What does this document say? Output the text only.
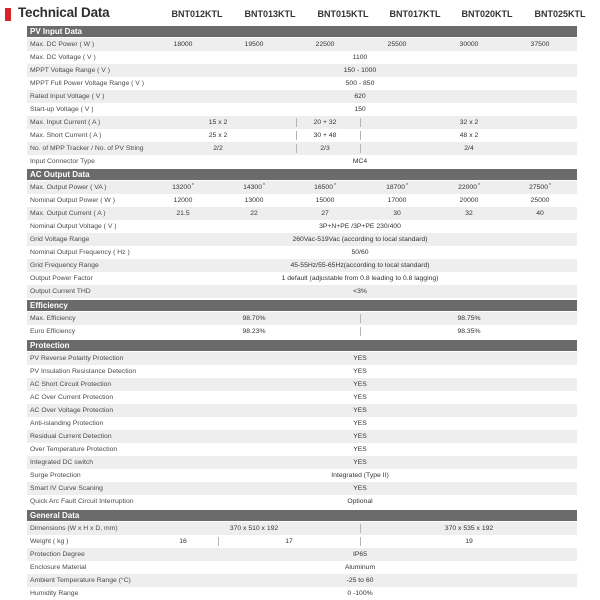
Technical Data	BNT012KTL BNT013KTL BNT015KTL BNT017KTL BNT020KTL BNT025KTL
PV Input Data
Max. DC Power ( W )	18000	19500	22500	25500	30000	37500
Max. DC Voltage ( V )	1100
MPPT Voltage Range ( V )	150 - 1000
MPPT Full Power Voltage Range ( V )	500 - 850
Rated Input Voltage ( V )	620
Start-up Voltage ( V )	150
Max. Input Current ( A )	15 x 2	20 + 32	32 x 2
Max. Short Current ( A )	25 x 2	30 + 48	48 x 2
No. of MPP Tracker / No. of PV String	2/2	2/3	2/4
Input Connector Type	MC4
AC Output Data
Max. Output Power ( VA )	13200*	14300*	16500*	18700*	22000*	27500*
Nominal Output Power ( W )	12000	13000	15000	17000	20000	25000
Max. Output Current ( A )	21.5	22	27	30	32	40
Nominal Output Voltage ( V )	3P+N+PE /3P+PE 230/400
Grid Voltage Range	260Vac-519Vac (according to local standard)
Nominal Output Frequency ( Hz )	50/60
Grid Frequency Range	45-55Hz/55-65Hz(according to local standard)
Output Power Factor	1 default (adjustable from 0.8 leading to 0.8 lagging)
Output Current THD	<3%
Efficiency
Max. Efficiency	98.70%	98.75%
Euro Efficiency	98.23%	98.35%
Protection
PV Reverse Polarity Protection	YES
PV Insulation Resistance Detection	YES
AC Short Circuit Protection	YES
AC Over Current Protection	YES
AC Over Voltage Protection	YES
Anti-islanding Protection	YES
Residual Current Detection	YES
Over Temperature Protection	YES
Integrated DC switch	YES
Surge Protection	Integrated (Type II)
Smart IV Curve Scaning	YES
Quick Arc Fault Circuit Interruption	Optional
General Data
Dimensions (W x H x D, mm)	370 x 510 x 192	370 x 535 x 192
Weight ( kg )	16	17	19
Protection Degree	IP65
Enclosure Material	Aluminum
Ambient Temperature Range (°C)	-25 to 60
Humidity Range	0 -100%
